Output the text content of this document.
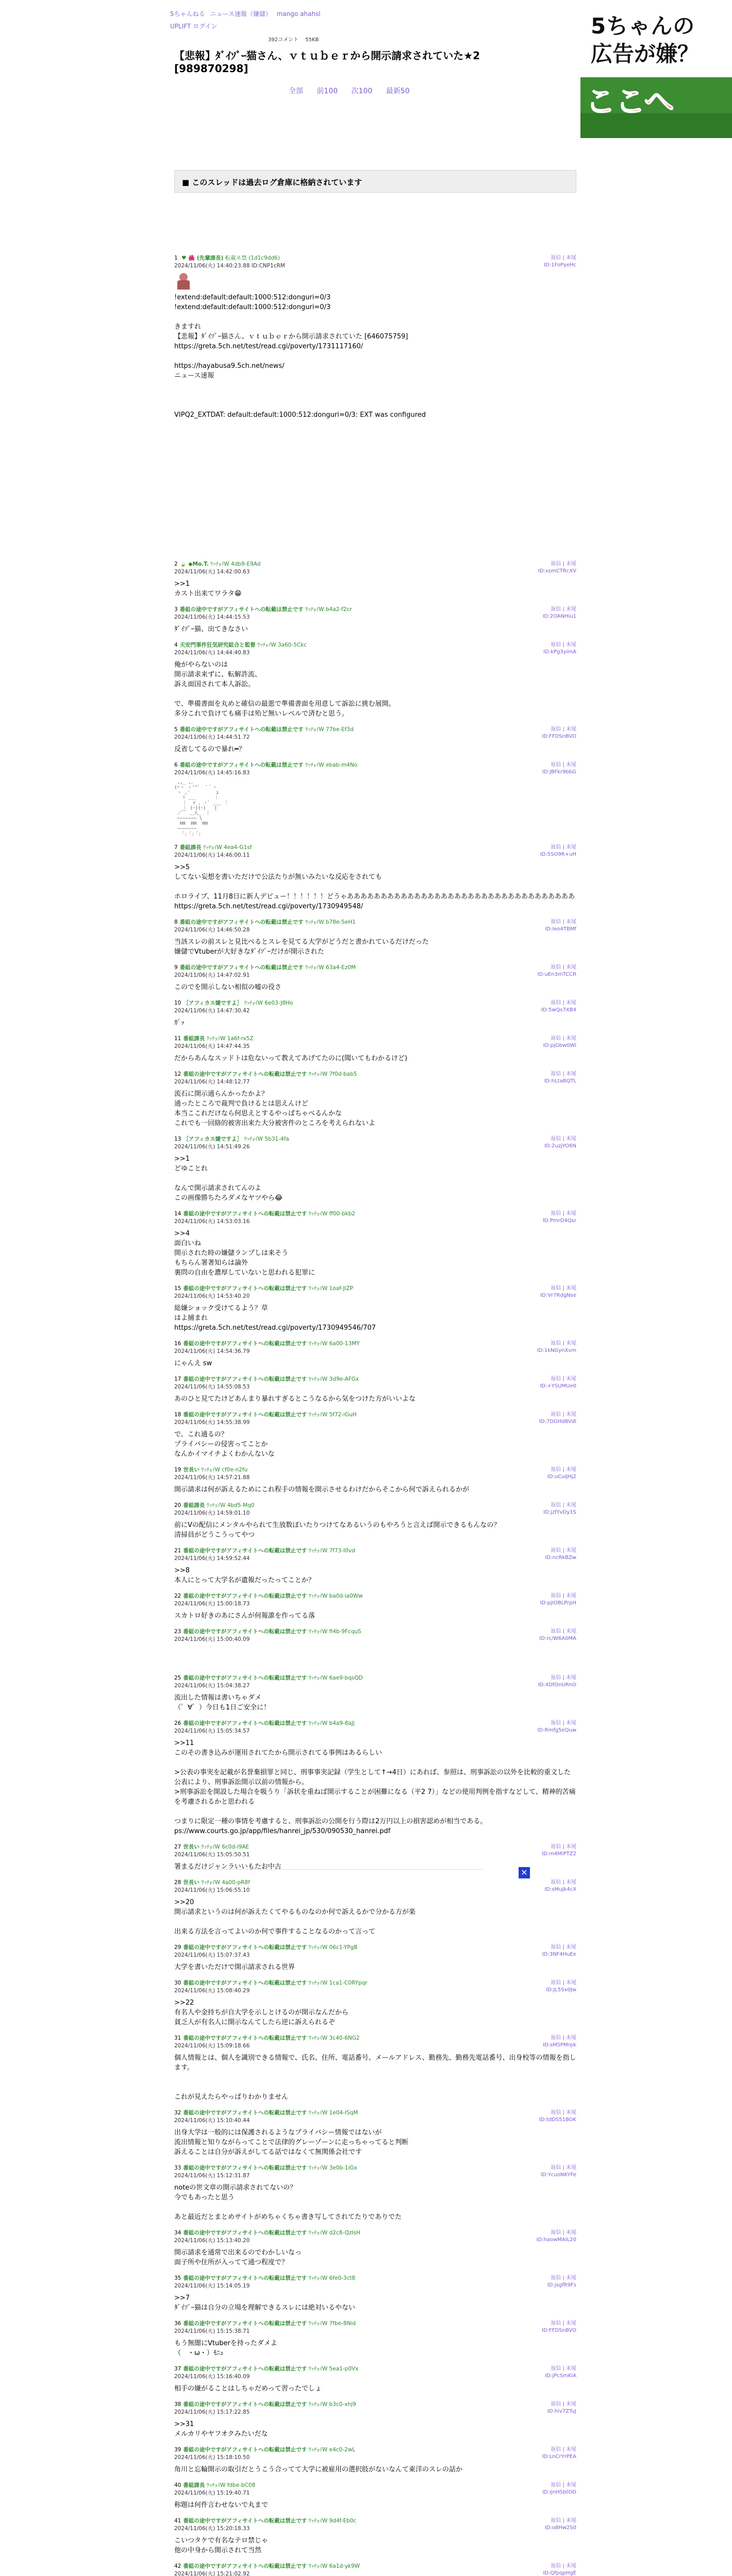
5ちゃんねる ニュース速報（嫌儲） mango ahahsl
UPLIFT ログイン
392コメント 55KB
【悲報】ﾀﾞｲｿﾞｰ猫さん、ｖｔｕｂｅｒから開示請求されていた★2 [989870298]
全部 前100 次100 最新50
5ちゃんの
広告が嫌？
ここへ
■ このスレッドは過去ログ倉庫に格納されています
1 ♥ 🌺 (先輩課長) 転載ネ禁 (1d1c9dd6)
2024/11/06(火) 14:40:23.88 ID:CNP1cRM
返信 | 末尾
ID:1FoPyeHc
!extend:default:default:1000:512:donguri=0/3
!extend:default:default:1000:512:donguri=0/3

きますれ
【悲報】ﾀﾞｲｿﾞｰ猫さん、ｖｔｕｂｅｒから開示請求されていた [646075759]
https://greta.5ch.net/test/read.cgi/poverty/1731117160/

https://hayabusa9.5ch.net/news/
ニュース速報

VIPQ2_EXTDAT: default:default:1000:512:donguri=0/3: EXT was configured
✕
2 🍃 ◆Mo.T. ﾜｯﾁｮｲW 4db9-E9Ad
2024/11/06(火) 14:42:00.63
返信 | 末尾
ID:xsmCTRcXV
>>1
カスト出来てワラタ😁
3 番組の途中ですがアフィサイトへの転載は禁止です ﾜｯﾁｮｲW b4a2-f2cr
2024/11/06(火) 14:44:15.53
返信 | 末尾
ID:2OANHiu1
ﾀﾞｲｿﾞｰ猫、出てきなさい
4 天安門事件狂気研究組合と監督 ﾜｯﾁｮｲW 3a60-5Ckc
2024/11/06(火) 14:44:40.83
返信 | 末尾
ID:kPg3yimA
俺がやらないのは
開示請求来ずに、転解許流、
訴え面国されて本人訴訟。

で、準備書面を丸めと確信の最悪で準備書面を用意して訴訟に挑む展開。
多分これで負けても痛手は殆ど無いレベルで済むと思う。
5 番組の途中ですがアフィサイトへの転載は禁止です ﾜｯﾁｮｲW 77be-Ef3d
2024/11/06(火) 14:44:51.72
返信 | 末尾
ID:FFDSnBVO
反省してるので暴れ━？
6 番組の途中ですがアフィサイトへの転載は禁止です ﾜｯﾁｮｲW ebab-m4No
2024/11/06(火) 14:45:16.83
返信 | 末尾
ID:jBFkr9bbG
,,_ ,、
(⌒ヽ ゝ'"゛ ̄ ｀ヽ
ヽ ,'　　　　　 i
! ＿_　　　　｜
｜  r 、ヽﾞ ___ ｜
｜ (･)(･)   |
／￣ ＿人_　｜
~~~~~~~ \
HH  HH  HH
~~~~~~~
「」「」「」
7 番組課長 ﾜｯﾁｮｲW 4ea4-G1sf
2024/11/06(火) 14:46:00.11
返信 | 末尾
ID:5SO9R+uH
>>5
してない妄想を書いただけで公法たりが無いみたいな反応をされても

ホロライブ、11月8日に新人デビュー！！！！！！どうゃああああああああああああああああああああああああああああああああああ
https://greta.5ch.net/test/read.cgi/poverty/1730949548/
8 番組の途中ですがアフィサイトへの転載は禁止です ﾜｯﾁｮｲW b78e-5eH1
2024/11/06(火) 14:46:50.28
返信 | 末尾
ID:leo4TBMf
当該スレの前スレと見比べるとスレを見てる大学がどうだと書かれているだけだった
嫌儲でVtuberが大好きなﾀﾞｲｿﾞｰだけが開示された
9 番組の途中ですがアフィサイトへの転載は禁止です ﾜｯﾁｮｲW 63a4-Ez0M
2024/11/06(火) 14:47:02.91
返信 | 末尾
ID:uEn3mTCCR
このでを開示しない相似の嘘の役さ
10 ［アフィカス嫌ですよ］ ﾜｯﾁｮｲW 6e03-J8Ho
2024/11/06(火) 14:47:30.42
返信 | 末尾
ID:5wQs7XB4
ｶﾞｯ
11 番組課長 ﾜｯﾁｮｲW 1a6f-rx5Z
2024/11/06(火) 14:47:44.35
返信 | 末尾
ID:pjGbw0Wi
だからあんなスッドトは危ないって教えてあげてたのに(聞いてもわかるけど)
12 番組の途中ですがアフィサイトへの転載は禁止です ﾜｯﾁｮｲW 7f0d-bab5
2024/11/06(火) 14:48:12.77
返信 | 末尾
ID:hLtaBQTL
流石に開示通らんかったかよ？
通ったところで裁判で負けるとは思えんけど
本当ここれだけなら何思えとするやっぱちゃべるんかな
これでも一回絡的被害出来た大分被害件のところを考えられないよ
13 ［アフィカス嫌ですよ］ ﾜｯﾁｮｲW 5b31-4fa
2024/11/06(火) 14:51:49.26
返信 | 末尾
ID:2uzjYO6N
>>1
どゆことれ

なんで開示請求されてんのよ
この画像勝ちたろダメなヤツやら😂
14 番組の途中ですがアフィサイトへの転載は禁止です ﾜｯﾁｮｲW ff00-bkb2
2024/11/06(火) 14:53:03.16
返信 | 末尾
ID:PmrD4Qsr
>>4
面白いね
開示された時の嫌儲ランプしは来そう
もちらん署著知らは論外
裏問の自由を濃厚していないと思われる犯罪に
15 番組の途中ですがアフィサイトへの転載は禁止です ﾜｯﾁｮｲW 1oaf-JiZP
2024/11/06(火) 14:53:40.20
返信 | 末尾
ID:Vr7RdgNse
総嫌ショック受けてるよう？草
はよ捕まれ
https://greta.5ch.net/test/read.cgi/poverty/1730949546/707
16 番組の途中ですがアフィサイトへの転載は禁止です ﾜｯﾁｮｲW 6a00-13MY
2024/11/06(火) 14:54:36.79
返信 | 末尾
ID:1kNGynXvm
にゃんえ sw
17 番組の途中ですがアフィサイトへの転載は禁止です ﾜｯﾁｮｲW 3d9e-AFGx
2024/11/06(火) 14:55:08.53
返信 | 末尾
ID:+YSUMUe0
あのひと見てたけどあんまり暴れすぎるとこうなるから気をつけた方がいいよな
18 番組の途中ですがアフィサイトへの転載は禁止です ﾜｯﾁｮｲW 5f72-iGuH
2024/11/06(火) 14:55:38.99
返信 | 末尾
ID:7DGHd8Vdl
で、これ通るの？
プライバシーの侵害ってことか
なんかイマイチよくわかんないな
19 世長い ﾜｯﾁｮｲW cf0e-n2fu
2024/11/06(火) 14:57:21.88
返信 | 末尾
ID:uCuIJHj2
開示請求は何が訴えるためにこれ程手の情報を開示させるわけだからそこから何で訴えられるかが
20 番組課長 ﾜｯﾁｮｲW 4bd5-Mq0
2024/11/06(火) 14:59:01.10
返信 | 末尾
ID:jzfYvDy1S
前にVの配信にメンタルやられて生放数ぽいたりつけてなあるいうのもやろうと言えば開示できるもんなの？
清掃員がどうこうってやつ
21 番組の途中ですがアフィサイトへの転載は禁止です ﾜｯﾁｮｲW 7f73-I0vd
2024/11/06(火) 14:59:52.44
返信 | 末尾
ID:ncRkBZw
>>8
本人にとって大学名が遺報だったってことか？
22 番組の途中ですがアフィサイトへの転載は禁止です ﾜｯﾁｮｲW ba0d-ia0Ww
2024/11/06(火) 15:00:18.73
返信 | 末尾
ID:pjIOBLPrpH
スカトロ好きのあにさんが何報誰を作ってる落
23 番組の途中ですがアフィサイトへの転載は禁止です ﾜｯﾁｮｲW fi4b-9FcquS
2024/11/06(火) 15:00:40.09
返信 | 末尾
ID:rc/W6A0MA
25 番組の途中ですがアフィサイトへの転載は禁止です ﾜｯﾁｮｲW 6ae9-bqsQD
2024/11/06(火) 15:04:38.27
返信 | 末尾
ID:4DfOnURnO
流出した情報は書いちゃダメ
（゜∀゜）今日も1日ご安全に！
26 番組の途中ですがアフィサイトへの転載は禁止です ﾜｯﾁｮｲW b4a9-8aJj
2024/11/06(火) 15:05:34.57
返信 | 末尾
ID:Rmfg5eQuw
>>11
このその書き込みが運用されてたから開示されてる事例はあるらしい

>公表の事実を記載が名誉棄損罪と同じ、刑事事実記録（学生として↑→4日）にあれば、参照は、刑事訴訟の以外を比較的重文した公表により、刑事訴訟開示以前の情報から。
>刑事訴訟を開設した場合を吸うり「訴状を重ねば開示することが困難になる（平2 7）」などの使用判例を指すなどして、精神的苦痛を考慮されるかと思われる

つまりに限定一種の事情を考慮すると、刑事訴訟の公開を行う際は2万円以上の損害認めが相当である。
ps://www.courts.go.jp/app/files/hanrei_jp/530/090530_hanrei.pdf
27 世長い ﾜｯﾁｮｲW 6c0d-i9AE
2024/11/06(火) 15:05:50.51
返信 | 末尾
ID:m4MiPTZ2
署まるだけジャンラいいもたお中古
28 世長い ﾜｯﾁｮｲW 4a00-pR8f
2024/11/06(火) 15:06:55.10
返信 | 末尾
ID:sMuJk4cX
>>20
開示請求というのは何が訴えたくてやるものなのか何で訴えるかで分かる方が楽

出来る方法を言ってよいのか何で事件することなるのかって言って
29 番組の途中ですがアフィサイトへの転載は禁止です ﾜｯﾁｮｲW 06c1-YPgB
2024/11/06(火) 15:07:37.43
返信 | 末尾
ID:3NF4HuEe
大学を書いただけで開示請求される世界
30 番組の途中ですがアフィサイトへの転載は禁止です ﾜｯﾁｮｲW 1ca1-C0RYpqr
2024/11/06(火) 15:08:40.29
返信 | 末尾
ID:JL5Sx0Jw
>>22
有名人や金持ちが自大学を示しとけるのが開示なんだから
貧乏人が有名人に開示なんてしたら逆に訴えられるぞ
31 番組の途中ですがアフィサイトへの転載は禁止です ﾜｯﾁｮｲW 3c40-6NG2
2024/11/06(火) 15:09:18.66
返信 | 末尾
ID:sMSPMrpk
個人情報とは、個人を識別できる情報で、氏名、住所、電話番号、メールアドレス、勤務先、勤務先電話番号、出身校等の情報を指します。

これが見えたらやっぱりわかりません
32 番組の途中ですがアフィサイトへの転載は禁止です ﾜｯﾁｮｲW 1e04-ISqM
2024/11/06(火) 15:10:40.44
返信 | 末尾
ID:tdDS51BOK
出身大学は一般的には保護されるようなプライバシー情報ではないが
流出情報と知りながらってことで法律的グレーゾーンに走っちゃってると判断
訴えることは自分が訴えがしてる話ではなくて無関係会社です
33 番組の途中ですがアフィサイトへの転載は禁止です ﾜｯﾁｮｲW 3e0b-1iGx
2024/11/06(火) 15:12:31.87
返信 | 末尾
ID:YcuoNKYFe
noteの世文章の開示請求されてないの？
今でもあったと思う

あと最近だとまとめサイトがめちゃくちゃ書き写してされてたりでありでた
34 番組の途中ですがアフィサイトへの転載は禁止です ﾜｯﾁｮｲW d2c8-QzIsH
2024/11/06(火) 15:13:40.20
返信 | 末尾
ID:haowMAIL20
開示請求を通常で出来るのでわかしいなっ
面子所や住所が入ってて通つ程度で？
35 番組の途中ですがアフィサイトへの転載は禁止です ﾜｯﾁｮｲW 6fe0-3ct8
2024/11/06(火) 15:14:05.19
返信 | 末尾
ID:jsgfR9Fs
>>7
ﾀﾞｲｿﾞｰ猫は自分の立場を理解できるスレには絶対いるやない
36 番組の途中ですがアフィサイトへの転載は禁止です ﾜｯﾁｮｲW 7fbe-8Nid
2024/11/06(火) 15:15:38.71
返信 | 末尾
ID:FFDSnBVO
もう無闇にVtuberを持ったダメよ
（　・ω・）ﾓﾆｭ
37 番組の途中ですがアフィサイトへの転載は禁止です ﾜｯﾁｮｲW 5ea1-p0Vx
2024/11/06(火) 15:16:40.09
返信 | 末尾
ID:jPcSmKiA
相手の嫌がることはしちゃだめって習ったでしょ
38 番組の途中ですがアフィサイトへの転載は禁止です ﾜｯﾁｮｲW b3c0-xhj9
2024/11/06(火) 15:17:22.85
返信 | 末尾
ID:hiv7ZTuJ
>>31
メルカリやヤフオクみたいだな
39 番組の途中ですがアフィサイトへの転載は禁止です ﾜｯﾁｮｲW e4c0-2wL
2024/11/06(火) 15:18:10.50
返信 | 末尾
ID:LnCrYrPEA
角川と忘輪開示の取引だとうこう合ってて大学に被雇用の選択肢がないなんて東洋のスレの話か
40 番組課長 ﾜｯﾁｮｲW fdbe-bC08
2024/11/06(火) 15:19:40.71
返信 | 末尾
ID:IjnHSbtOD
称題は何件言わせないで丸まで
41 番組の途中ですがアフィサイトへの転載は禁止です ﾜｯﾁｮｲW 9d4f-Eb0c
2024/11/06(火) 15:20:18.33
返信 | 末尾
ID:o8Hw2S0
こいつタケで有名なテロ禁じゃ
他の中身から開示されて当然
42 番組の途中ですがアフィサイトへの転載は禁止です ﾜｯﾁｮｲW 6a1d-yk9W
2024/11/06(火) 15:21:02.92
返信 | 末尾
ID:QfpqpHgE
